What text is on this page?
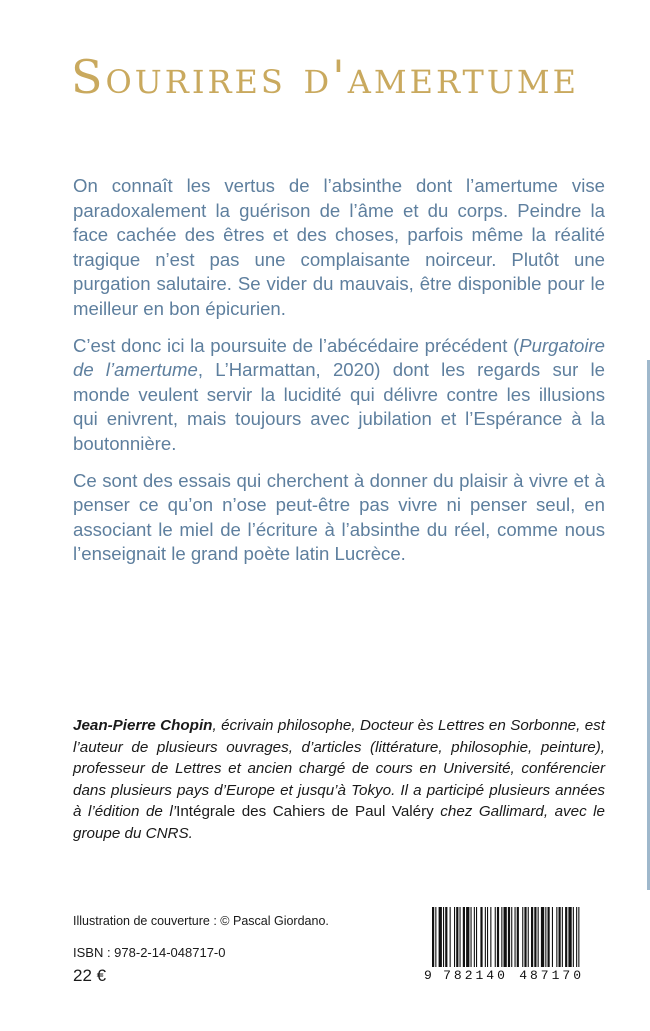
Sourires d'amertume

On connaît les vertus de l’absinthe dont l’amertume vise paradoxalement la guérison de l’âme et du corps. Peindre la face cachée des êtres et des choses, parfois même la réalité tragique n’est pas une complaisante noirceur. Plutôt une purgation salutaire. Se vider du mauvais, être disponible pour le meilleur en bon épicurien.

C’est donc ici la poursuite de l’abécédaire précédent (Purgatoire de l’amertume, L’Harmattan, 2020) dont les regards sur le monde veulent servir la lucidité qui délivre contre les illusions qui enivrent, mais toujours avec jubilation et l’Espérance à la boutonnière.

Ce sont des essais qui cherchent à donner du plaisir à vivre et à penser ce qu’on n’ose peut-être pas vivre ni penser seul, en associant le miel de l’écriture à l’absinthe du réel, comme nous l’enseignait le grand poète latin Lucrèce.

Jean-Pierre Chopin, écrivain philosophe, Docteur ès Lettres en Sorbonne, est l’auteur de plusieurs ouvrages, d’articles (littérature, philosophie, peinture), professeur de Lettres et ancien chargé de cours en Université, conférencier dans plusieurs pays d’Europe et jusqu’à Tokyo. Il a participé plusieurs années à l’édition de l’Intégrale des Cahiers de Paul Valéry chez Gallimard, avec le groupe du CNRS.
Illustration de couverture : © Pascal Giordano.
ISBN : 978-2-14-048717-0
22 €	9 782140 487170
